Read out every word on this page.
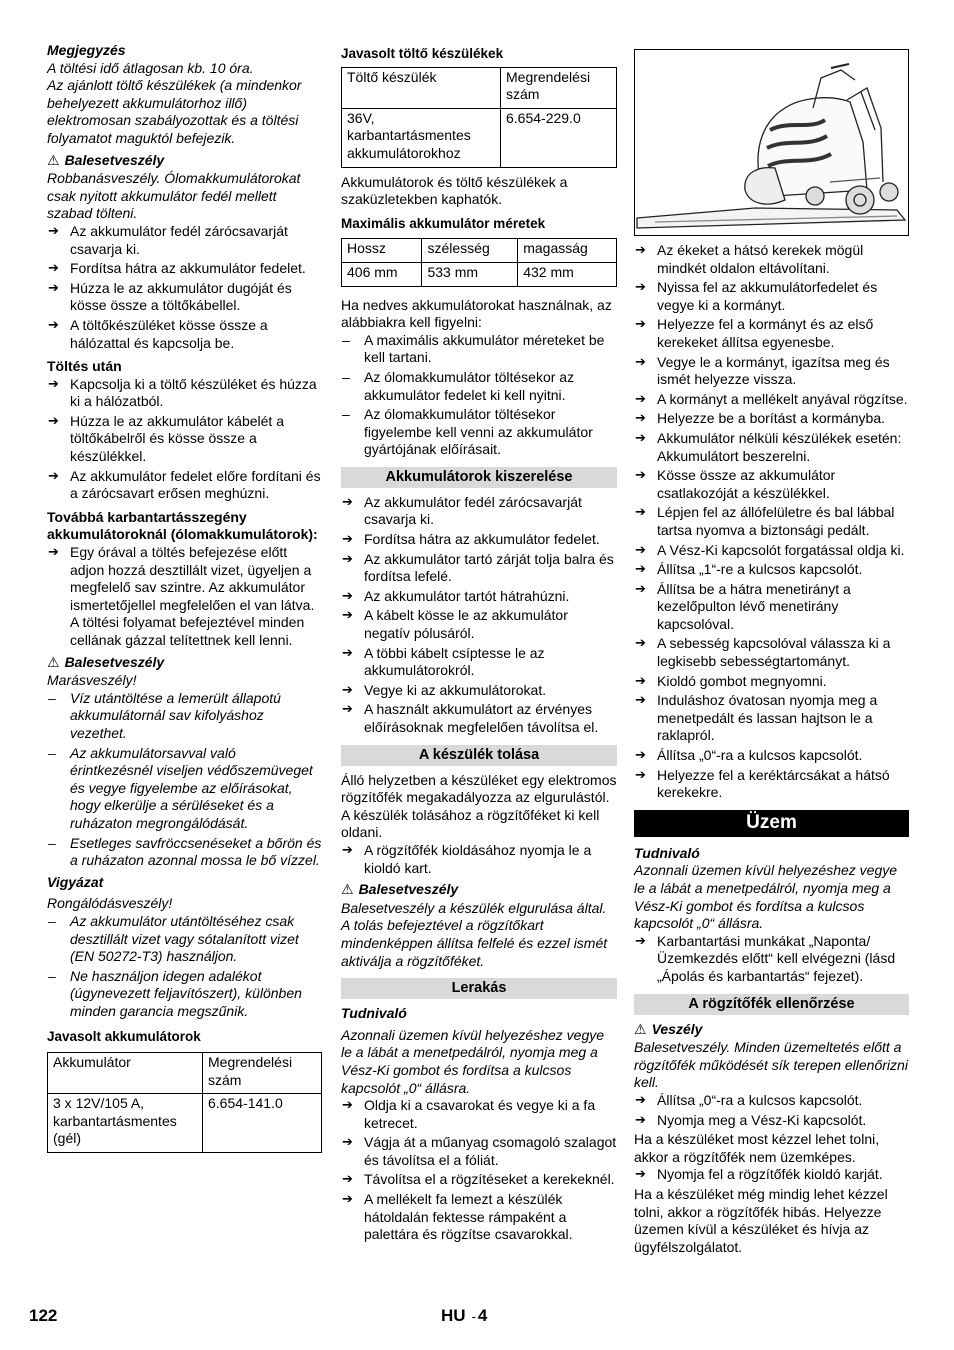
Megjegyzés

A töltési idő átlagosan kb. 10 óra.

Az ajánlott töltő készülékek (a mindenkor behelyezett akkumulátorhoz illő) elektromosan szabályozottak és a töltési folyamatot maguktól befejezik.

⚠ Balesetveszély

Robbanásveszély. Ólomakkumulátorokat csak nyitott akkumulátor fedél mellett szabad tölteni.

➔ Az akkumulátor fedél zárócsavarját csavarja ki.
➔ Fordítsa hátra az akkumulátor fedelet.
➔ Húzza le az akkumulátor dugóját és kösse össze a töltőkábellel.
➔ A töltőkészüléket kösse össze a hálózattal és kapcsolja be.

Töltés után

➔ Kapcsolja ki a töltő készüléket és húzza ki a hálózatból.
➔ Húzza le az akkumulátor kábelét a töltőkábelről és kösse össze a készülékkel.
➔ Az akkumulátor fedelet előre fordítani és a zárócsavart erősen meghúzni.

Továbbá karbantartásszegény akkumulátoroknál (ólomakkumulátorok):

➔ Egy órával a töltés befejezése előtt adjon hozzá desztillált vizet, ügyeljen a megfelelő sav szintre. Az akkumulátor ismertetőjellel megfelelően el van látva. A töltési folyamat befejeztével minden cellának gázzal telítettnek kell lenni.
⚠ Balesetveszély

Marásveszély!

– Víz utántöltése a lemerült állapotú akkumulátornál sav kifolyáshoz vezethet.
– Az akkumulátorsavval való érintkezésnél viseljen védőszemüveget és vegye figyelembe az előírásokat, hogy elkerülje a sérüléseket és a ruházaton megrongálódását.
– Esetleges savfröccsenéseket a bőrön és a ruházaton azonnal mossa le bő vízzel.

Vigyázat

Rongálódásveszély!

– Az akkumulátor utántöltéséhez csak desztillált vizet vagy sótalanított vizet (EN 50272-T3) használjon.
– Ne használjon idegen adalékot (úgynevezett feljavítószert), különben minden garancia megszűnik.

Javasolt akkumulátorok

Akkumulátor	Megrendelési szám
3 x 12V/105 A, karbantartásmentes (gél)	6.654-141.0

Javasolt töltő készülékek

Töltő készülék	Megrendelési szám
36V, karbantartásmentes akkumulátorokhoz	6.654-229.0

Akkumulátorok és töltő készülékek a szaküzletekben kaphatók.

Maximális akkumulátor méretek

Hossz	szélesség	magasság
406 mm	533 mm	432 mm

Ha nedves akkumulátorokat használnak, az alábbiakra kell figyelni:

– A maximális akkumulátor méreteket be kell tartani.
– Az ólomakkumulátor töltésekor az akkumulátor fedelet ki kell nyitni.
– Az ólomakkumulátor töltésekor figyelembe kell venni az akkumulátor gyártójának előírásait.
Akkumulátorok kiszerelése
➔ Az akkumulátor fedél zárócsavarját csavarja ki.
➔ Fordítsa hátra az akkumulátor fedelet.
➔ Az akkumulátor tartó zárját tolja balra és fordítsa lefelé.
➔ Az akkumulátor tartót hátrahúzni.
➔ A kábelt kösse le az akkumulátor negatív pólusáról.
➔ A többi kábelt csíptesse le az akkumulátorokról.
➔ Vegye ki az akkumulátorokat.
➔ A használt akkumulátort az érvényes előírásoknak megfelelően távolítsa el.
A készülék tolása

Álló helyzetben a készüléket egy elektromos rögzítőfék megakadályozza az elgurulástól. A készülék tolásához a rögzítőféket ki kell oldani.

➔ A rögzítőfék kioldásához nyomja le a kioldó kart.
⚠ Balesetveszély

Balesetveszély a készülék elgurulása által. A tolás befejeztével a rögzítőkart mindenképpen állítsa felfelé és ezzel ismét aktiválja a rögzítőféket.

Lerakás

Tudnivaló

Azonnali üzemen kívül helyezéshez vegye le a lábát a menetpedálról, nyomja meg a Vész-Ki gombot és fordítsa a kulcsos kapcsolót „0“ állásra.

➔ Oldja ki a csavarokat és vegye ki a fa ketrecet.
➔ Vágja át a műanyag csomagoló szalagot és távolítsa el a fóliát.
➔ Távolítsa el a rögzítéseket a kerekeknél.
➔ A mellékelt fa lemezt a készülék hátoldalán fektesse rámpaként a palettára és rögzítse csavarokkal.
➔ Az ékeket a hátsó kerekek mögül mindkét oldalon eltávolítani.
➔ Nyissa fel az akkumulátorfedelet és vegye ki a kormányt.
➔ Helyezze fel a kormányt és az első kerekeket állítsa egyenesbe.
➔ Vegye le a kormányt, igazítsa meg és ismét helyezze vissza.
➔ A kormányt a mellékelt anyával rögzítse.
➔ Helyezze be a borítást a kormányba.
➔ Akkumulátor nélküli készülékek esetén: Akkumulátort beszerelni.
➔ Kösse össze az akkumulátor csatlakozóját a készülékkel.
➔ Lépjen fel az állófelületre és bal lábbal tartsa nyomva a biztonsági pedált.
➔ A Vész-Ki kapcsolót forgatással oldja ki.
➔ Állítsa „1“-re a kulcsos kapcsolót.
➔ Állítsa be a hátra menetirányt a kezelőpulton lévő menetirány kapcsolóval.
➔ A sebesség kapcsolóval válassza ki a legkisebb sebességtartományt.
➔ Kioldó gombot megnyomni.
➔ Induláshoz óvatosan nyomja meg a menetpedált és lassan hajtson le a raklapról.
➔ Állítsa „0“-ra a kulcsos kapcsolót.
➔ Helyezze fel a keréktárcsákat a hátsó kerekekre.
Üzem

Tudnivaló

Azonnali üzemen kívül helyezéshez vegye le a lábát a menetpedálról, nyomja meg a Vész-Ki gombot és fordítsa a kulcsos kapcsolót „0“ állásra.

➔ Karbantartási munkákat „Naponta/ Üzemkezdés előtt“ kell elvégezni (lásd „Ápolás és karbantartás“ fejezet).
A rögzítőfék ellenőrzése
⚠ Veszély

Balesetveszély. Minden üzemeltetés előtt a rögzítőfék működését sík terepen ellenőrizni kell.

➔ Állítsa „0“-ra a kulcsos kapcsolót.
➔ Nyomja meg a Vész-Ki kapcsolót.

Ha a készüléket most kézzel lehet tolni, akkor a rögzítőfék nem üzemképes.

➔ Nyomja fel a rögzítőfék kioldó karját.

Ha a készüléket még mindig lehet kézzel tolni, akkor a rögzítőfék hibás. Helyezze üzemen kívül a készüléket és hívja az ügyfélszolgálatot.

122	HU - 4
